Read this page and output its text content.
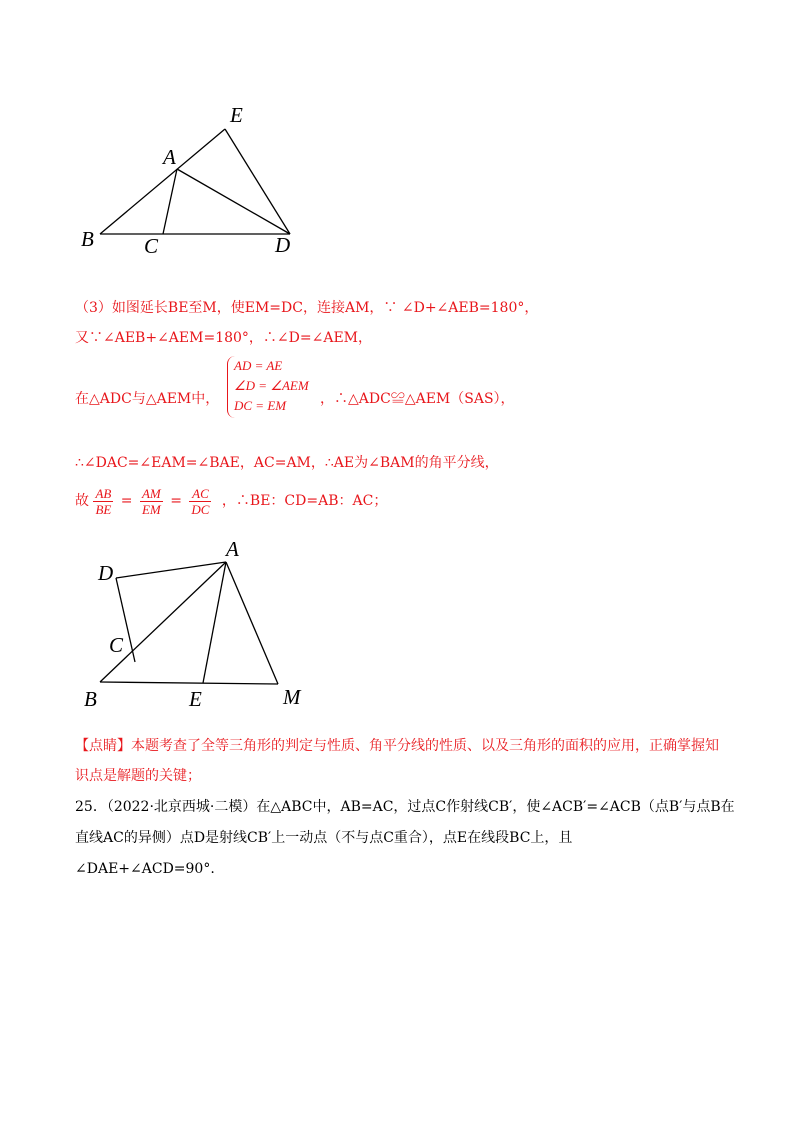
E
A
B C	D
（3）如图延长BE至M，使EM=DC，连接AM，∵ ∠D+∠AEB=180°，
又∵∠AEB+∠AEM=180°，∴∠D=∠AEM，
在△ADC与△AEM中，
AD = AE
∠D = ∠AEM
DC = EM	，∴△ADC≌△AEM（SAS），
∴∠DAC=∠EAM=∠BAE，AC=AM，∴AE为∠BAM的角平分线，
故 $\frac{AB}{BE} = \frac{AM}{EM} = \frac{AC}{DC}$ ，∴BE：CD=AB：AC；
D
A
C
B	E	M
【点睛】本题考查了全等三角形的判定与性质、角平分线的性质、以及三角形的面积的应用，正确掌握知
识点是解题的关键；
25．（2022·北京西城·二模）在△ABC中，AB=AC，过点C作射线CB′，使∠ACB′=∠ACB（点B′与点B在
直线AC的异侧）点D是射线CB′上一动点（不与点C重合），点E在线段BC上，且
∠DAE+∠ACD=90°.
